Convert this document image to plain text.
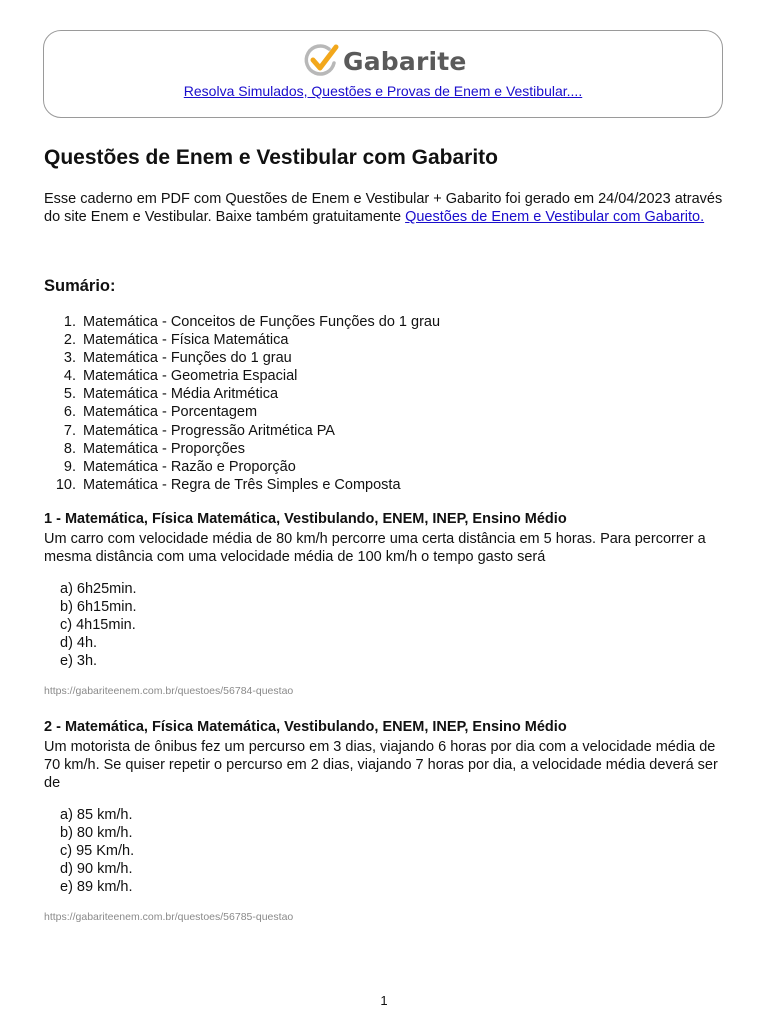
Gabarite
Resolva Simulados, Questões e Provas de Enem e Vestibular....
Questões de Enem e Vestibular com Gabarito

Esse caderno em PDF com Questões de Enem e Vestibular + Gabarito foi gerado em 24/04/2023 através do site Enem e Vestibular. Baixe também gratuitamente Questões de Enem e Vestibular com Gabarito.

Sumário:
1. Matemática - Conceitos de Funções Funções do 1 grau
2. Matemática - Física Matemática
3. Matemática - Funções do 1 grau
4. Matemática - Geometria Espacial
5. Matemática - Média Aritmética
6. Matemática - Porcentagem
7. Matemática - Progressão Aritmética PA
8. Matemática - Proporções
9. Matemática - Razão e Proporção
10. Matemática - Regra de Três Simples e Composta
1 - Matemática, Física Matemática, Vestibulando, ENEM, INEP, Ensino Médio
Um carro com velocidade média de 80 km/h percorre uma certa distância em 5 horas. Para percorrer a mesma distância com uma velocidade média de 100 km/h o tempo gasto será
a) 6h25min.
b) 6h15min.
c) 4h15min.
d) 4h.
e) 3h.
https://gabariteenem.com.br/questoes/56784-questao
2 - Matemática, Física Matemática, Vestibulando, ENEM, INEP, Ensino Médio
Um motorista de ônibus fez um percurso em 3 dias, viajando 6 horas por dia com a velocidade média de 70 km/h. Se quiser repetir o percurso em 2 dias, viajando 7 horas por dia, a velocidade média deverá ser de
a) 85 km/h.
b) 80 km/h.
c) 95 Km/h.
d) 90 km/h.
e) 89 km/h.
https://gabariteenem.com.br/questoes/56785-questao
1
